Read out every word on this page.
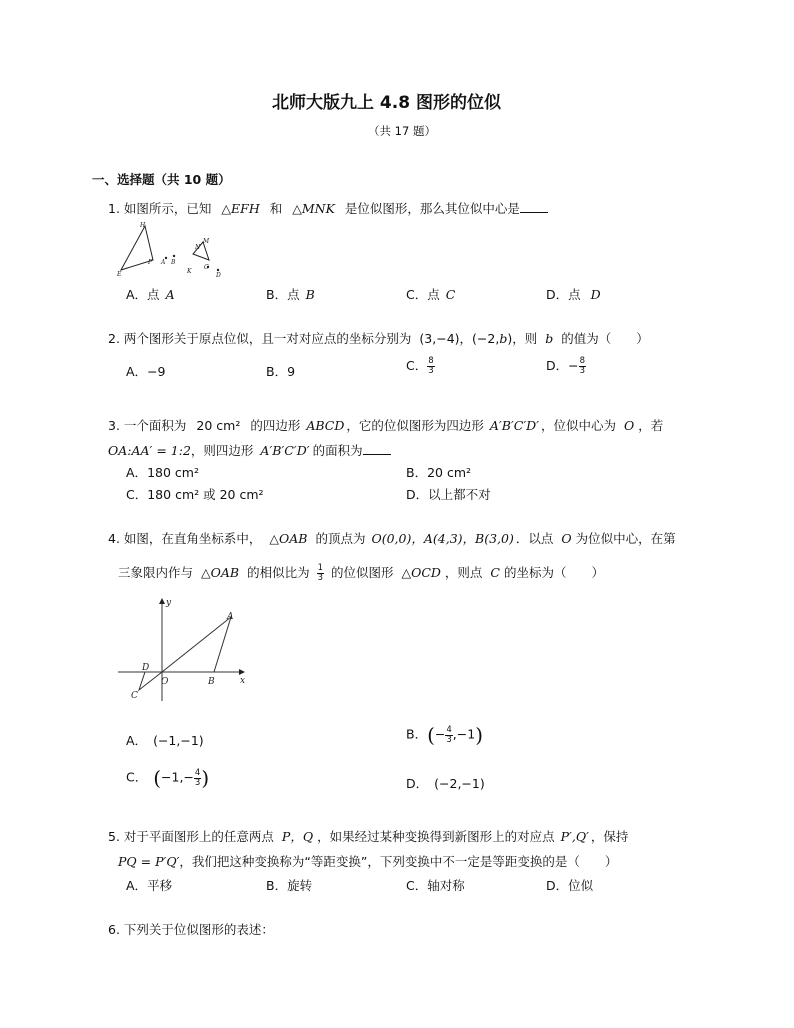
北师大版九上 4.8 图形的位似
（共 17 题）
一、选择题（共 10 题）
1. 如图所示，已知 △EFH 和 △MNK 是位似图形，那么其位似中心是
H
E
F A B
N
M
K
C
D
A．点 A	B．点 B	C．点 C	D．点 D
2. 两个图形关于原点位似，且一对对应点的坐标分别为 (3,−4)，(−2,b)，则 b 的值为（　　）
A．−9	B．9	C． $\frac{8}{3}$	D．− $\frac{8}{3}$
3. 一个面积为 20 cm² 的四边形 ABCD ，它的位似图形为四边形 A′B′C′D′ ，位似中心为 O ，若
OA:AA′ = 1:2，则四边形 A′B′C′D′ 的面积为
A．180 cm²	B．20 cm²
C．180 cm² 或 20 cm²	D．以上都不对
4. 如图，在直角坐标系中， △OAB 的顶点为 O(0,0)，A(4,3)，B(3,0) ．以点 O 为位似中心，在第
三象限内作与 △OAB 的相似比为 $\frac{1}{3}$ 的位似图形 △OCD ，则点 C 的坐标为（　　）
y
x
A
B
O
C
D
A． (−1,−1)	B．(− $\frac{4}{3} ,-1$)
C． ($-1,- \frac{4}{3}$ )	D． (−2,−1)
5. 对于平面图形上的任意两点 P，Q ，如果经过某种变换得到新图形上的对应点 P′,Q′ ，保持
PQ = P′Q′，我们把这种变换称为“等距变换”，下列变换中不一定是等距变换的是（　　）
A．平移	B．旋转	C．轴对称	D．位似
6. 下列关于位似图形的表述：
